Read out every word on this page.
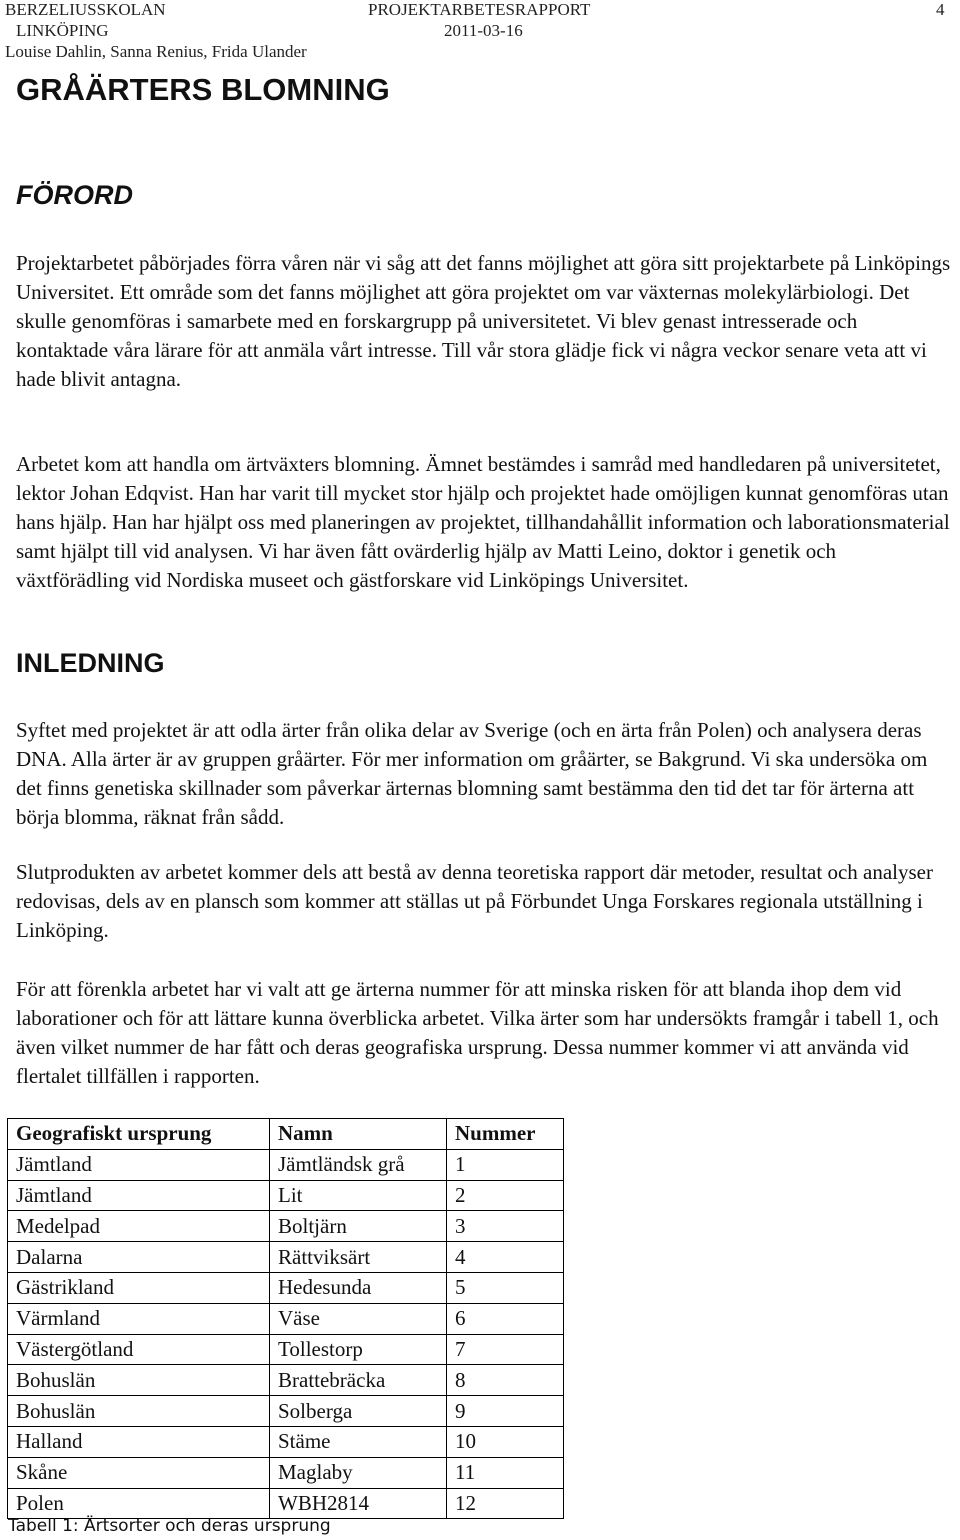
BERZELIUSSKOLAN
LINKÖPING
Louise Dahlin, Sanna Renius, Frida Ulander
PROJEKTARBETESRAPPORT
2011-03-16
4
GRÅÄRTERS BLOMNING
FÖRORD

Projektarbetet påbörjades förra våren när vi såg att det fanns möjlighet att göra sitt projektarbete på Linköpings Universitet. Ett område som det fanns möjlighet att göra projektet om var växternas molekylärbiologi. Det skulle genomföras i samarbete med en forskargrupp på universitetet. Vi blev genast intresserade och kontaktade våra lärare för att anmäla vårt intresse. Till vår stora glädje fick vi några veckor senare veta att vi hade blivit antagna.

Arbetet kom att handla om ärtväxters blomning. Ämnet bestämdes i samråd med handledaren på universitetet, lektor Johan Edqvist. Han har varit till mycket stor hjälp och projektet hade omöjligen kunnat genomföras utan hans hjälp. Han har hjälpt oss med planeringen av projektet, tillhandahållit information och laborationsmaterial samt hjälpt till vid analysen. Vi har även fått ovärderlig hjälp av Matti Leino, doktor i genetik och växtförädling vid Nordiska museet och gästforskare vid Linköpings Universitet.

INLEDNING

Syftet med projektet är att odla ärter från olika delar av Sverige (och en ärta från Polen) och analysera deras DNA. Alla ärter är av gruppen gråärter. För mer information om gråärter, se Bakgrund. Vi ska undersöka om det finns genetiska skillnader som påverkar ärternas blomning samt bestämma den tid det tar för ärterna att börja blomma, räknat från sådd.

Slutprodukten av arbetet kommer dels att bestå av denna teoretiska rapport där metoder, resultat och analyser redovisas, dels av en plansch som kommer att ställas ut på Förbundet Unga Forskares regionala utställning i Linköping.

För att förenkla arbetet har vi valt att ge ärterna nummer för att minska risken för att blanda ihop dem vid laborationer och för att lättare kunna överblicka arbetet. Vilka ärter som har undersökts framgår i tabell 1, och även vilket nummer de har fått och deras geografiska ursprung. Dessa nummer kommer vi att använda vid flertalet tillfällen i rapporten.

Geografiskt ursprung	Namn	Nummer
Jämtland	Jämtländsk grå	1
Jämtland	Lit	2
Medelpad	Boltjärn	3
Dalarna	Rättviksärt	4
Gästrikland	Hedesunda	5
Värmland	Väse	6
Västergötland	Tollestorp	7
Bohuslän	Brattebräcka	8
Bohuslän	Solberga	9
Halland	Stäme	10
Skåne	Maglaby	11
Polen	WBH2814	12
Tabell 1: Ärtsorter och deras ursprung
